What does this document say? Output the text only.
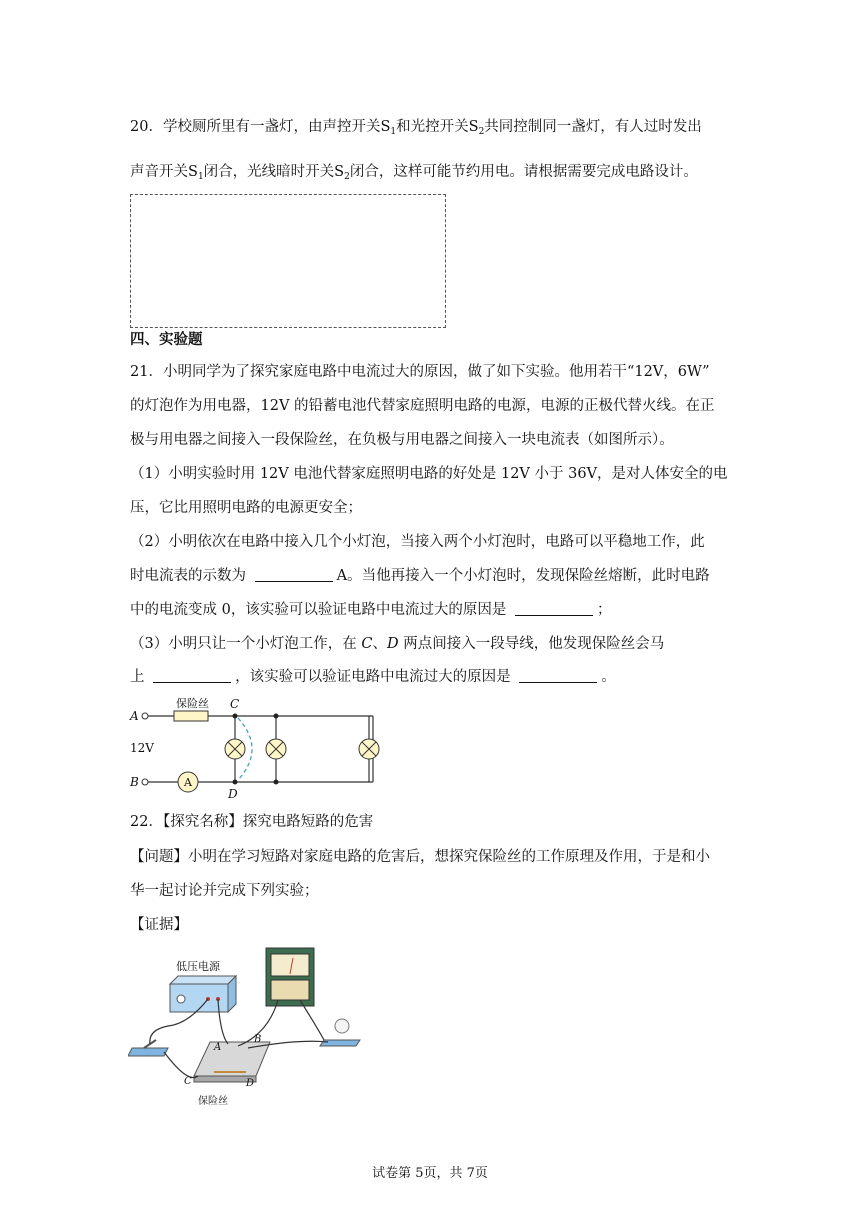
20．学校厕所里有一盏灯，由声控开关$S_1$和光控开关$S_2$共同控制同一盏灯，有人过时发出
声音开关$S_1$闭合，光线暗时开关$S_2$闭合，这样可能节约用电。请根据需要完成电路设计。
四、实验题
21．小明同学为了探究家庭电路中电流过大的原因，做了如下实验。他用若干“12V，6W”
的灯泡作为用电器，12V 的铅蓄电池代替家庭照明电路的电源，电源的正极代替火线。在正
极与用电器之间接入一段保险丝，在负极与用电器之间接入一块电流表（如图所示）。
（1）小明实验时用 12V 电池代替家庭照明电路的好处是 12V 小于 36V，是对人体安全的电
压，它比用照明电路的电源更安全；
（2）小明依次在电路中接入几个小灯泡，当接入两个小灯泡时，电路可以平稳地工作，此
时电流表的示数为	A。当他再接入一个小灯泡时，发现保险丝熔断，此时电路
中的电流变成 0，该实验可以验证电路中电流过大的原因是	；
（3）小明只让一个小灯泡工作，在 C、D 两点间接入一段导线，他发现保险丝会马
上	，该实验可以验证电路中电流过大的原因是	。
A
保险丝
A
B
12V
C
D
22．【探究名称】探究电路短路的危害
【问题】小明在学习短路对家庭电路的危害后，想探究保险丝的工作原理及作用，于是和小
华一起讨论并完成下列实验；
【证据】
低压电源
A
B
C	D
保险丝
试卷第 5页，共 7页
